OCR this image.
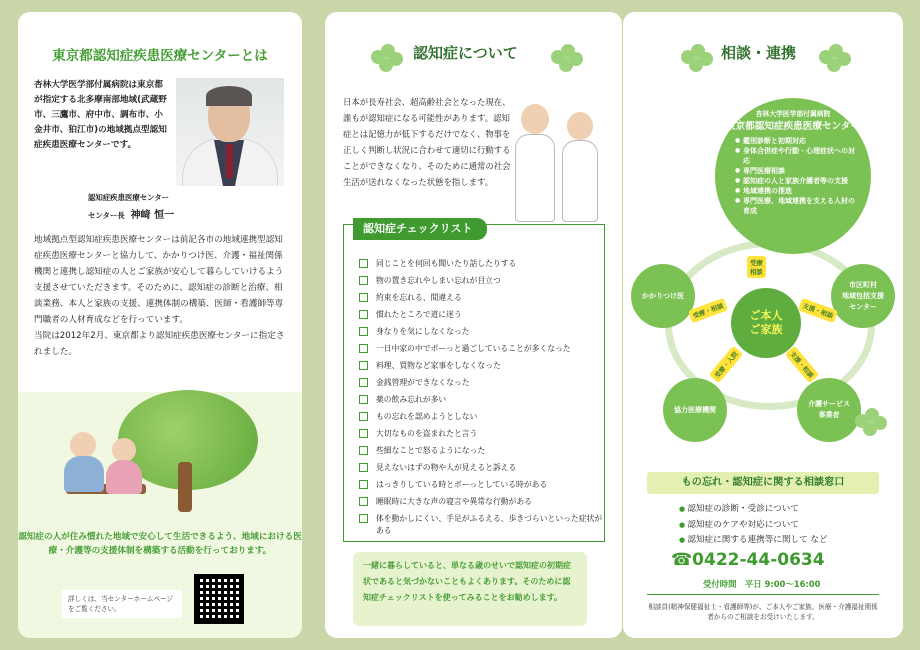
東京都認知症疾患医療センターとは
杏林大学医学部付属病院は東京都が指定する北多摩南部地域(武蔵野市、三鷹市、府中市、調布市、小金井市、狛江市)の地域拠点型認知症疾患医療センターです。
認知症疾患医療センター
センター長 神﨑 恒一

地域拠点型認知症疾患医療センターは前記各市の地域連携型認知症疾患医療センターと協力して、かかりつけ医、介護・福祉関係機関と連携し認知症の人とご家族が安心して暮らしていけるよう支援させていただきます。そのために、認知症の診断と治療、相談業務、本人と家族の支援、連携体制の構築、医師・看護師等専門職者の人材育成などを行っています。

当院は2012年2月、東京都より認知症疾患医療センターに指定されました。

認知症の人が住み慣れた地域で安心して生活できるよう、地域における医療・介護等の支援体制を構築する活動を行っております。
詳しくは、当センターホームページをご覧ください。
認知症について
日本が長寿社会、超高齢社会となった現在、誰もが認知症になる可能性があります。認知症とは記憶力が低下するだけでなく、物事を正しく判断し状況に合わせて適切に行動することができなくなり、そのために通常の社会生活が送れなくなった状態を指します。
認知症チェックリスト
同じことを何回も聞いたり話したりする
物の置き忘れやしまい忘れが目立つ
約束を忘れる、間違える
慣れたところで道に迷う
身なりを気にしなくなった
一日中家の中でボーっと過ごしていることが多くなった
料理、買物など家事をしなくなった
金銭管理ができなくなった
薬の飲み忘れが多い
もの忘れを認めようとしない
大切なものを盗まれたと言う
些細なことで怒るようになった
見えないはずの物や人が見えると訴える
はっきりしている時とボーっとしている時がある
睡眠時に大きな声の寝言や異常な行動がある
体を動かしにくい、手足がふるえる、歩きづらいといった症状がある
一緒に暮らしていると、単なる歳のせいで認知症の初期症状であると気づかないこともよくあります。そのために認知症チェックリストを使ってみることをお勧めします。
相談・連携
杏林大学医学部付属病院
東京都認知症疾患医療センター
● 鑑別診断と初期対応
● 身体合併症や行動・心理症状への対応
● 専門医療相談
● 認知症の人と家族介護者等の支援
● 地域連携の推進
● 専門医療、地域連携を支える人材の育成
かかりつけ医
市区町村
地域包括支援
センター
協力医療機関
介護サービス
事業者
ご本人
ご家族
受療
相談
受療・相談	支援・相談
受療・入院	支援・相談
もの忘れ・認知症に関する相談窓口
● 認知症の診断・受診について
● 認知症のケアや対応について
● 認知症に関する連携等に関して など
☎0422-44-0634
受付時間　平日 9:00〜16:00
相談員(精神保健福祉士・看護師等)が、ご本人やご家族、医療・介護福祉関係者からのご相談をお受けいたします。
